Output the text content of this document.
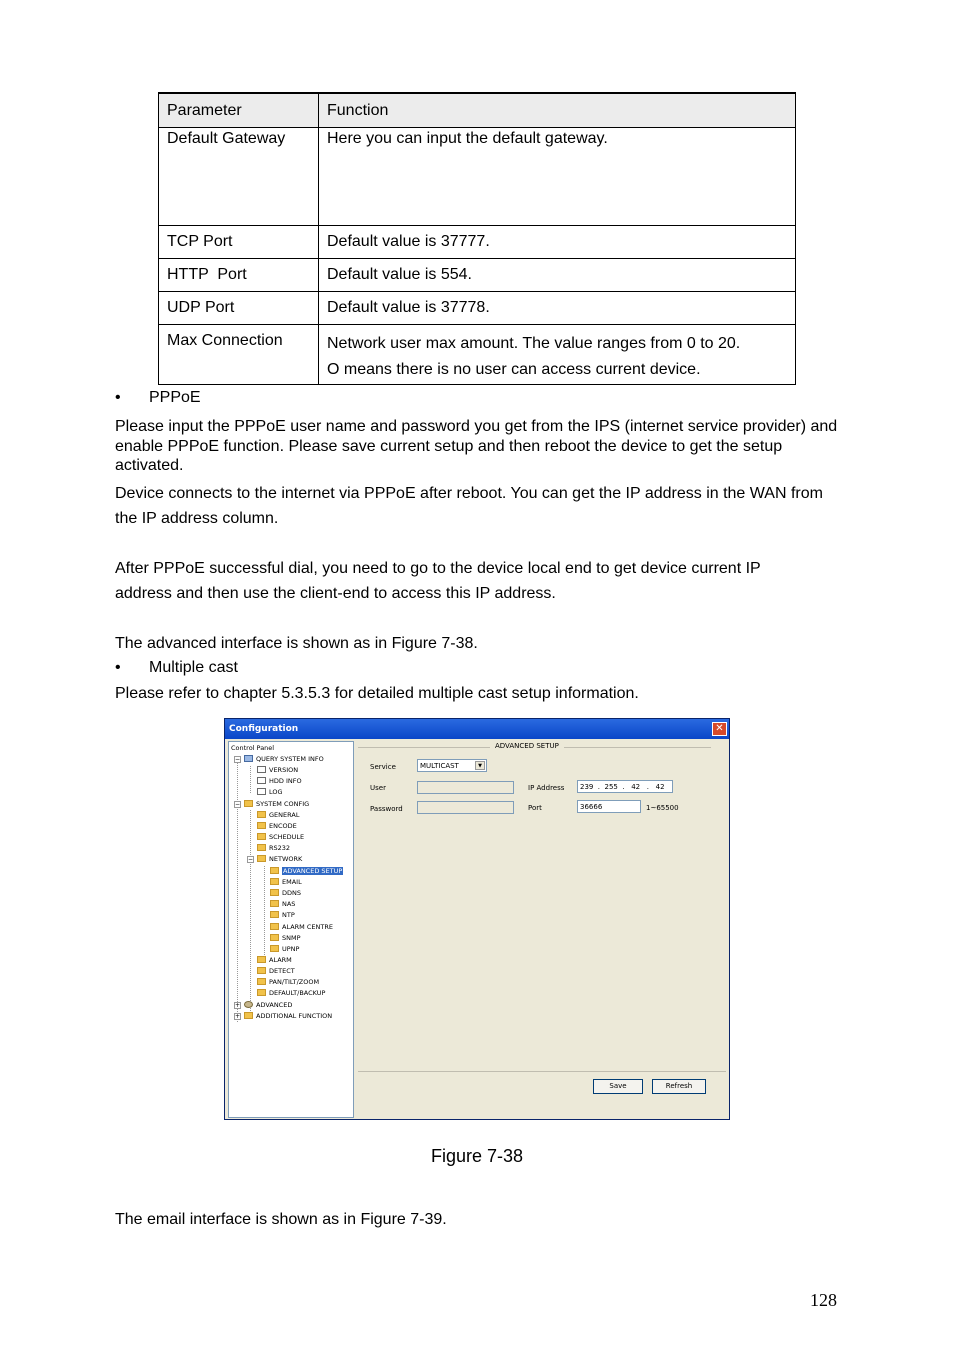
Parameter	Function
Default Gateway	Here you can input the default gateway.
TCP Port	Default value is 37777.
HTTP  Port	Default value is 554.
UDP Port	Default value is 37778.
Max Connection	Network user max amount. The value ranges from 0 to 20.
O means there is no user can access current device.
• PPPoE
Please input the PPPoE user name and password you get from the IPS (internet service provider) and enable PPPoE function. Please save current setup and then reboot the device to get the setup activated.
Device connects to the internet via PPPoE after reboot. You can get the IP address in the WAN from the IP address column.
After PPPoE successful dial, you need to go to the device local end to get device current IP address and then use the client-end to access this IP address.
The advanced interface is shown as in Figure 7-38.
• Multiple cast
Please refer to chapter 5.3.5.3 for detailed multiple cast setup information.
Configuration	✕
Control Panel
−	QUERY SYSTEM INFO
VERSION
HDD INFO
LOG
−	SYSTEM CONFIG
GENERAL
ENCODE
SCHEDULE
RS232
−	NETWORK
ADVANCED SETUP
EMAIL
DDNS
NAS
NTP
ALARM CENTRE
SNMP
UPNP
ALARM
DETECT
PAN/TILT/ZOOM
DEFAULT/BACKUP
+	ADVANCED
+	ADDITIONAL FUNCTION
ADVANCED SETUP
Service	MULTICAST	▼
User
Password
IP Address	239  .  255  .   42   .   42
Port	36666	1~65500
Save	Refresh
Figure 7-38
The email interface is shown as in Figure 7-39.
128
